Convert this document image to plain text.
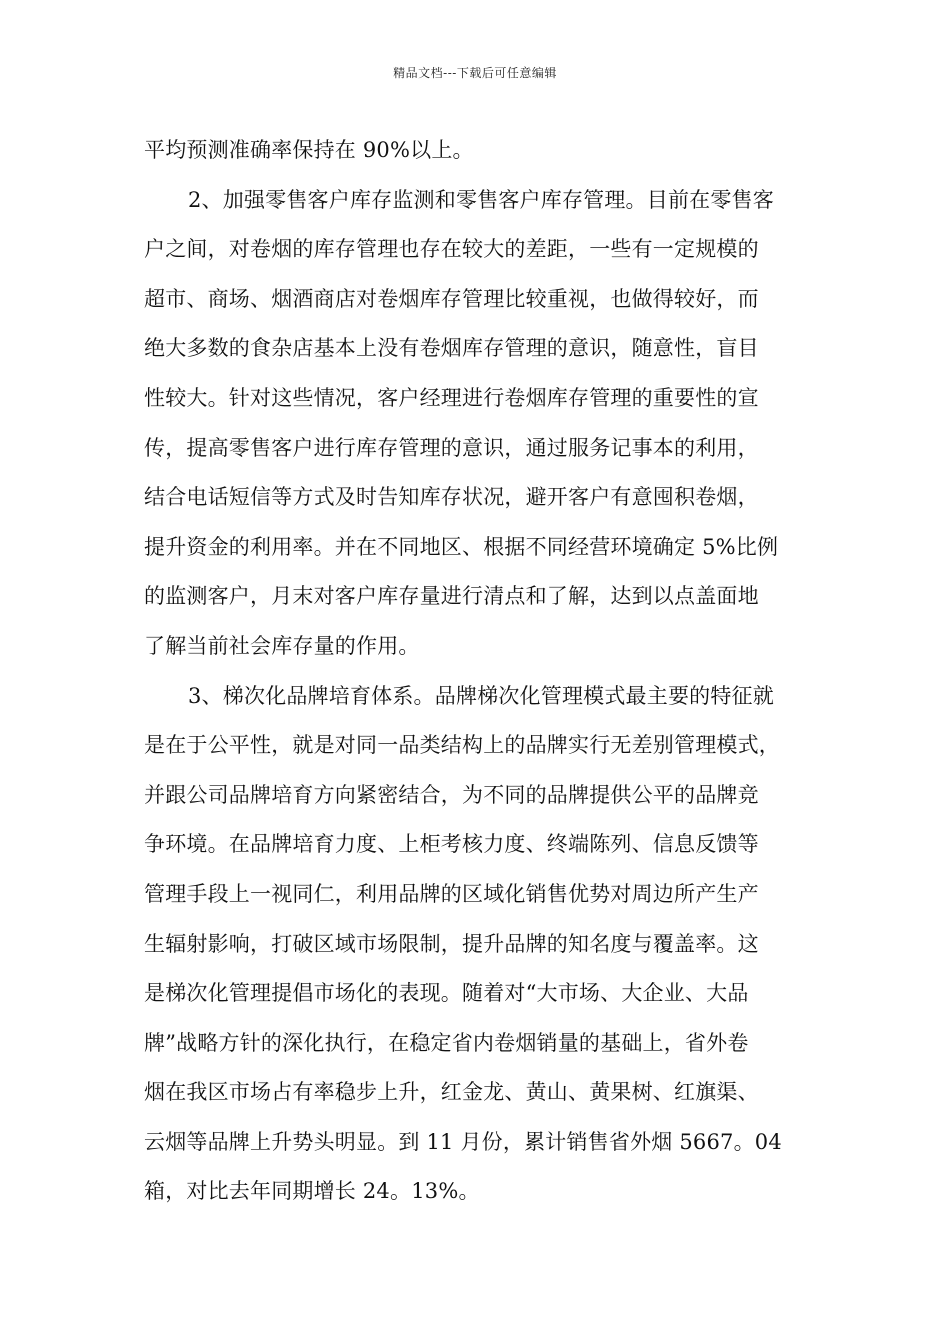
精品文档---下载后可任意编辑
平均预测准确率保持在 90%以上。
2、加强零售客户库存监测和零售客户库存管理。目前在零售客
户之间，对卷烟的库存管理也存在较大的差距，一些有一定规模的
超市、商场、烟酒商店对卷烟库存管理比较重视，也做得较好，而
绝大多数的食杂店基本上没有卷烟库存管理的意识，随意性，盲目
性较大。针对这些情况，客户经理进行卷烟库存管理的重要性的宣
传，提高零售客户进行库存管理的意识，通过服务记事本的利用，
结合电话短信等方式及时告知库存状况，避开客户有意囤积卷烟，
提升资金的利用率。并在不同地区、根据不同经营环境确定 5%比例
的监测客户，月末对客户库存量进行清点和了解，达到以点盖面地
了解当前社会库存量的作用。
3、梯次化品牌培育体系。品牌梯次化管理模式最主要的特征就
是在于公平性，就是对同一品类结构上的品牌实行无差别管理模式，
并跟公司品牌培育方向紧密结合，为不同的品牌提供公平的品牌竞
争环境。在品牌培育力度、上柜考核力度、终端陈列、信息反馈等
管理手段上一视同仁，利用品牌的区域化销售优势对周边所产生产
生辐射影响，打破区域市场限制，提升品牌的知名度与覆盖率。这
是梯次化管理提倡市场化的表现。随着对“大市场、大企业、大品
牌”战略方针的深化执行，在稳定省内卷烟销量的基础上，省外卷
烟在我区市场占有率稳步上升，红金龙、黄山、黄果树、红旗渠、
云烟等品牌上升势头明显。到 11 月份，累计销售省外烟 5667。04
箱，对比去年同期增长 24。13%。
